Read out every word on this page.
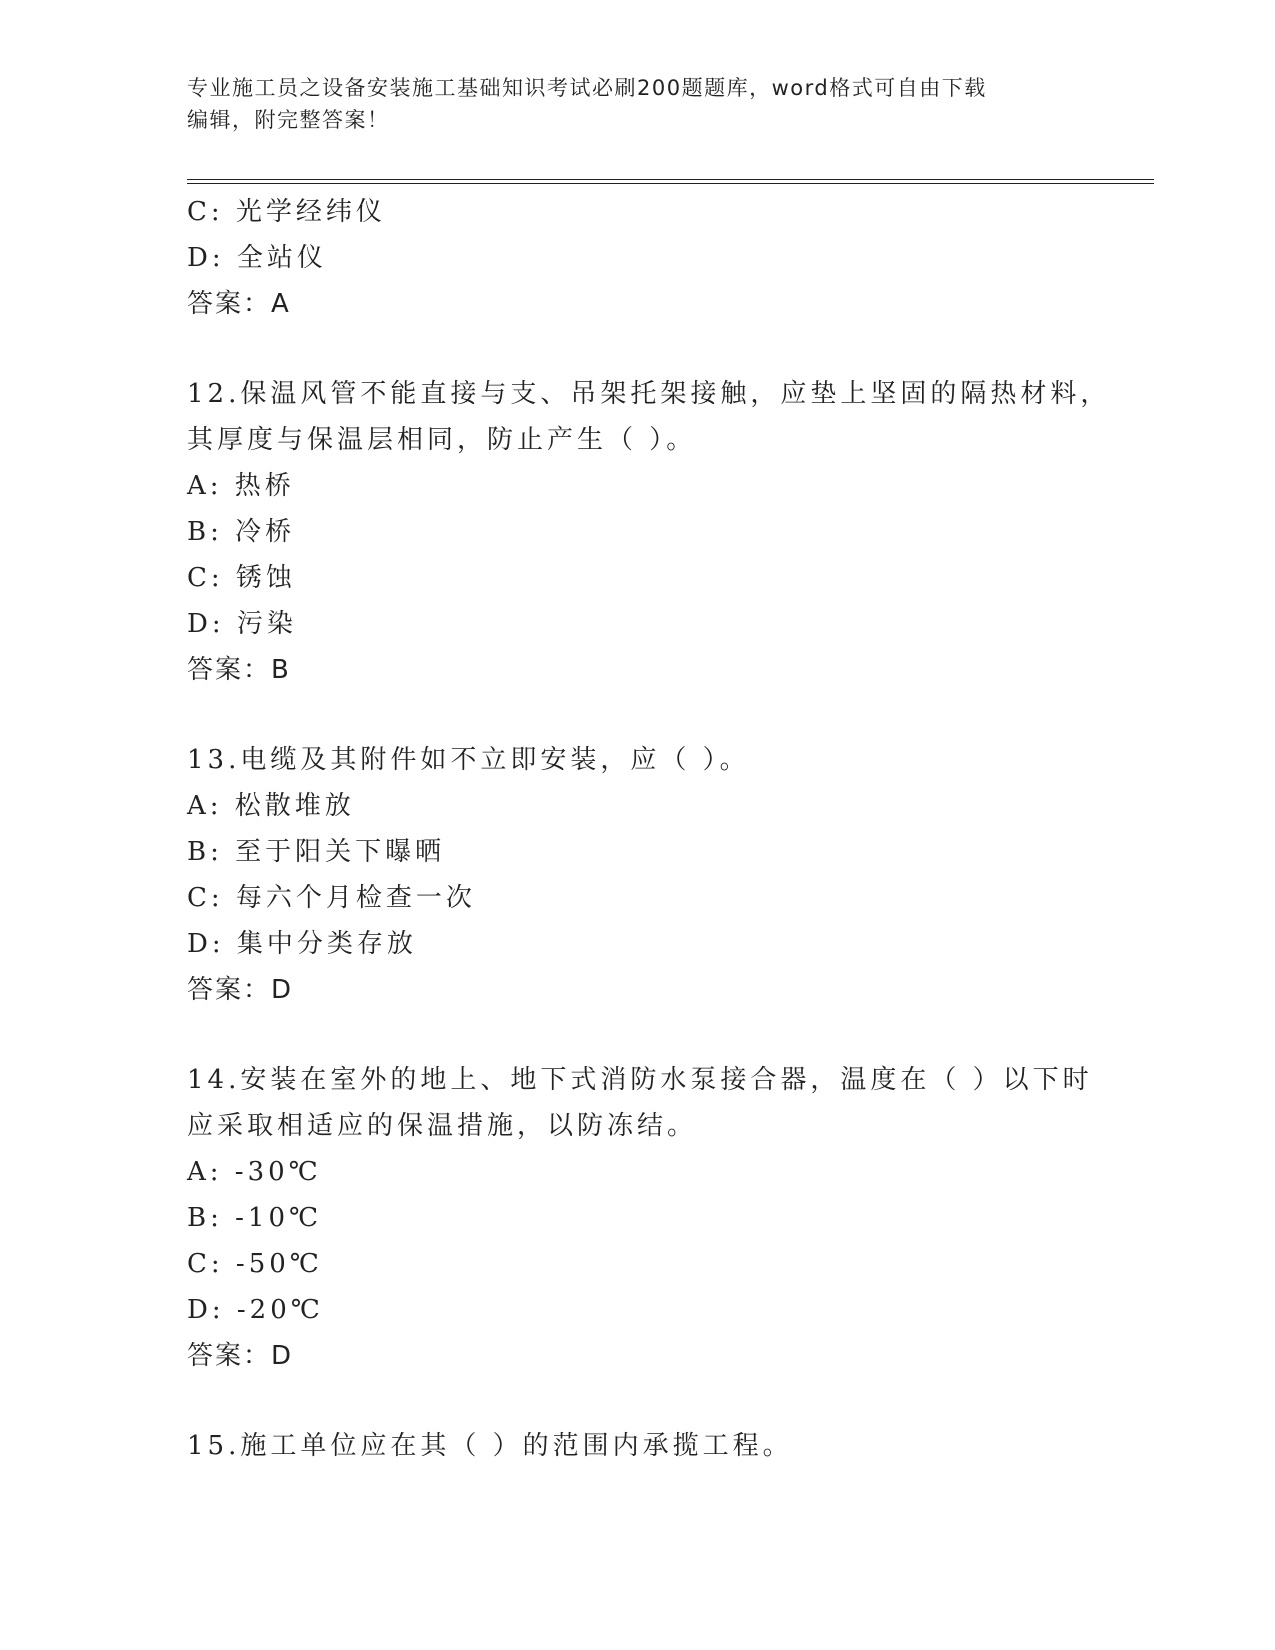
专业施工员之设备安装施工基础知识考试必刷200题题库，word格式可自由下载
编辑，附完整答案！
C: 光学经纬仪
D: 全站仪
答案：A
12.保温风管不能直接与支、吊架托架接触，应垫上坚固的隔热材料，
其厚度与保温层相同，防止产生（ ）。
A: 热桥
B: 冷桥
C: 锈蚀
D: 污染
答案：B
13.电缆及其附件如不立即安装，应（ ）。
A: 松散堆放
B: 至于阳关下曝晒
C: 每六个月检查一次
D: 集中分类存放
答案：D
14.安装在室外的地上、地下式消防水泵接合器，温度在（ ）以下时
应采取相适应的保温措施，以防冻结。
A: -30℃
B: -10℃
C: -50℃
D: -20℃
答案：D
15.施工单位应在其（ ）的范围内承揽工程。
